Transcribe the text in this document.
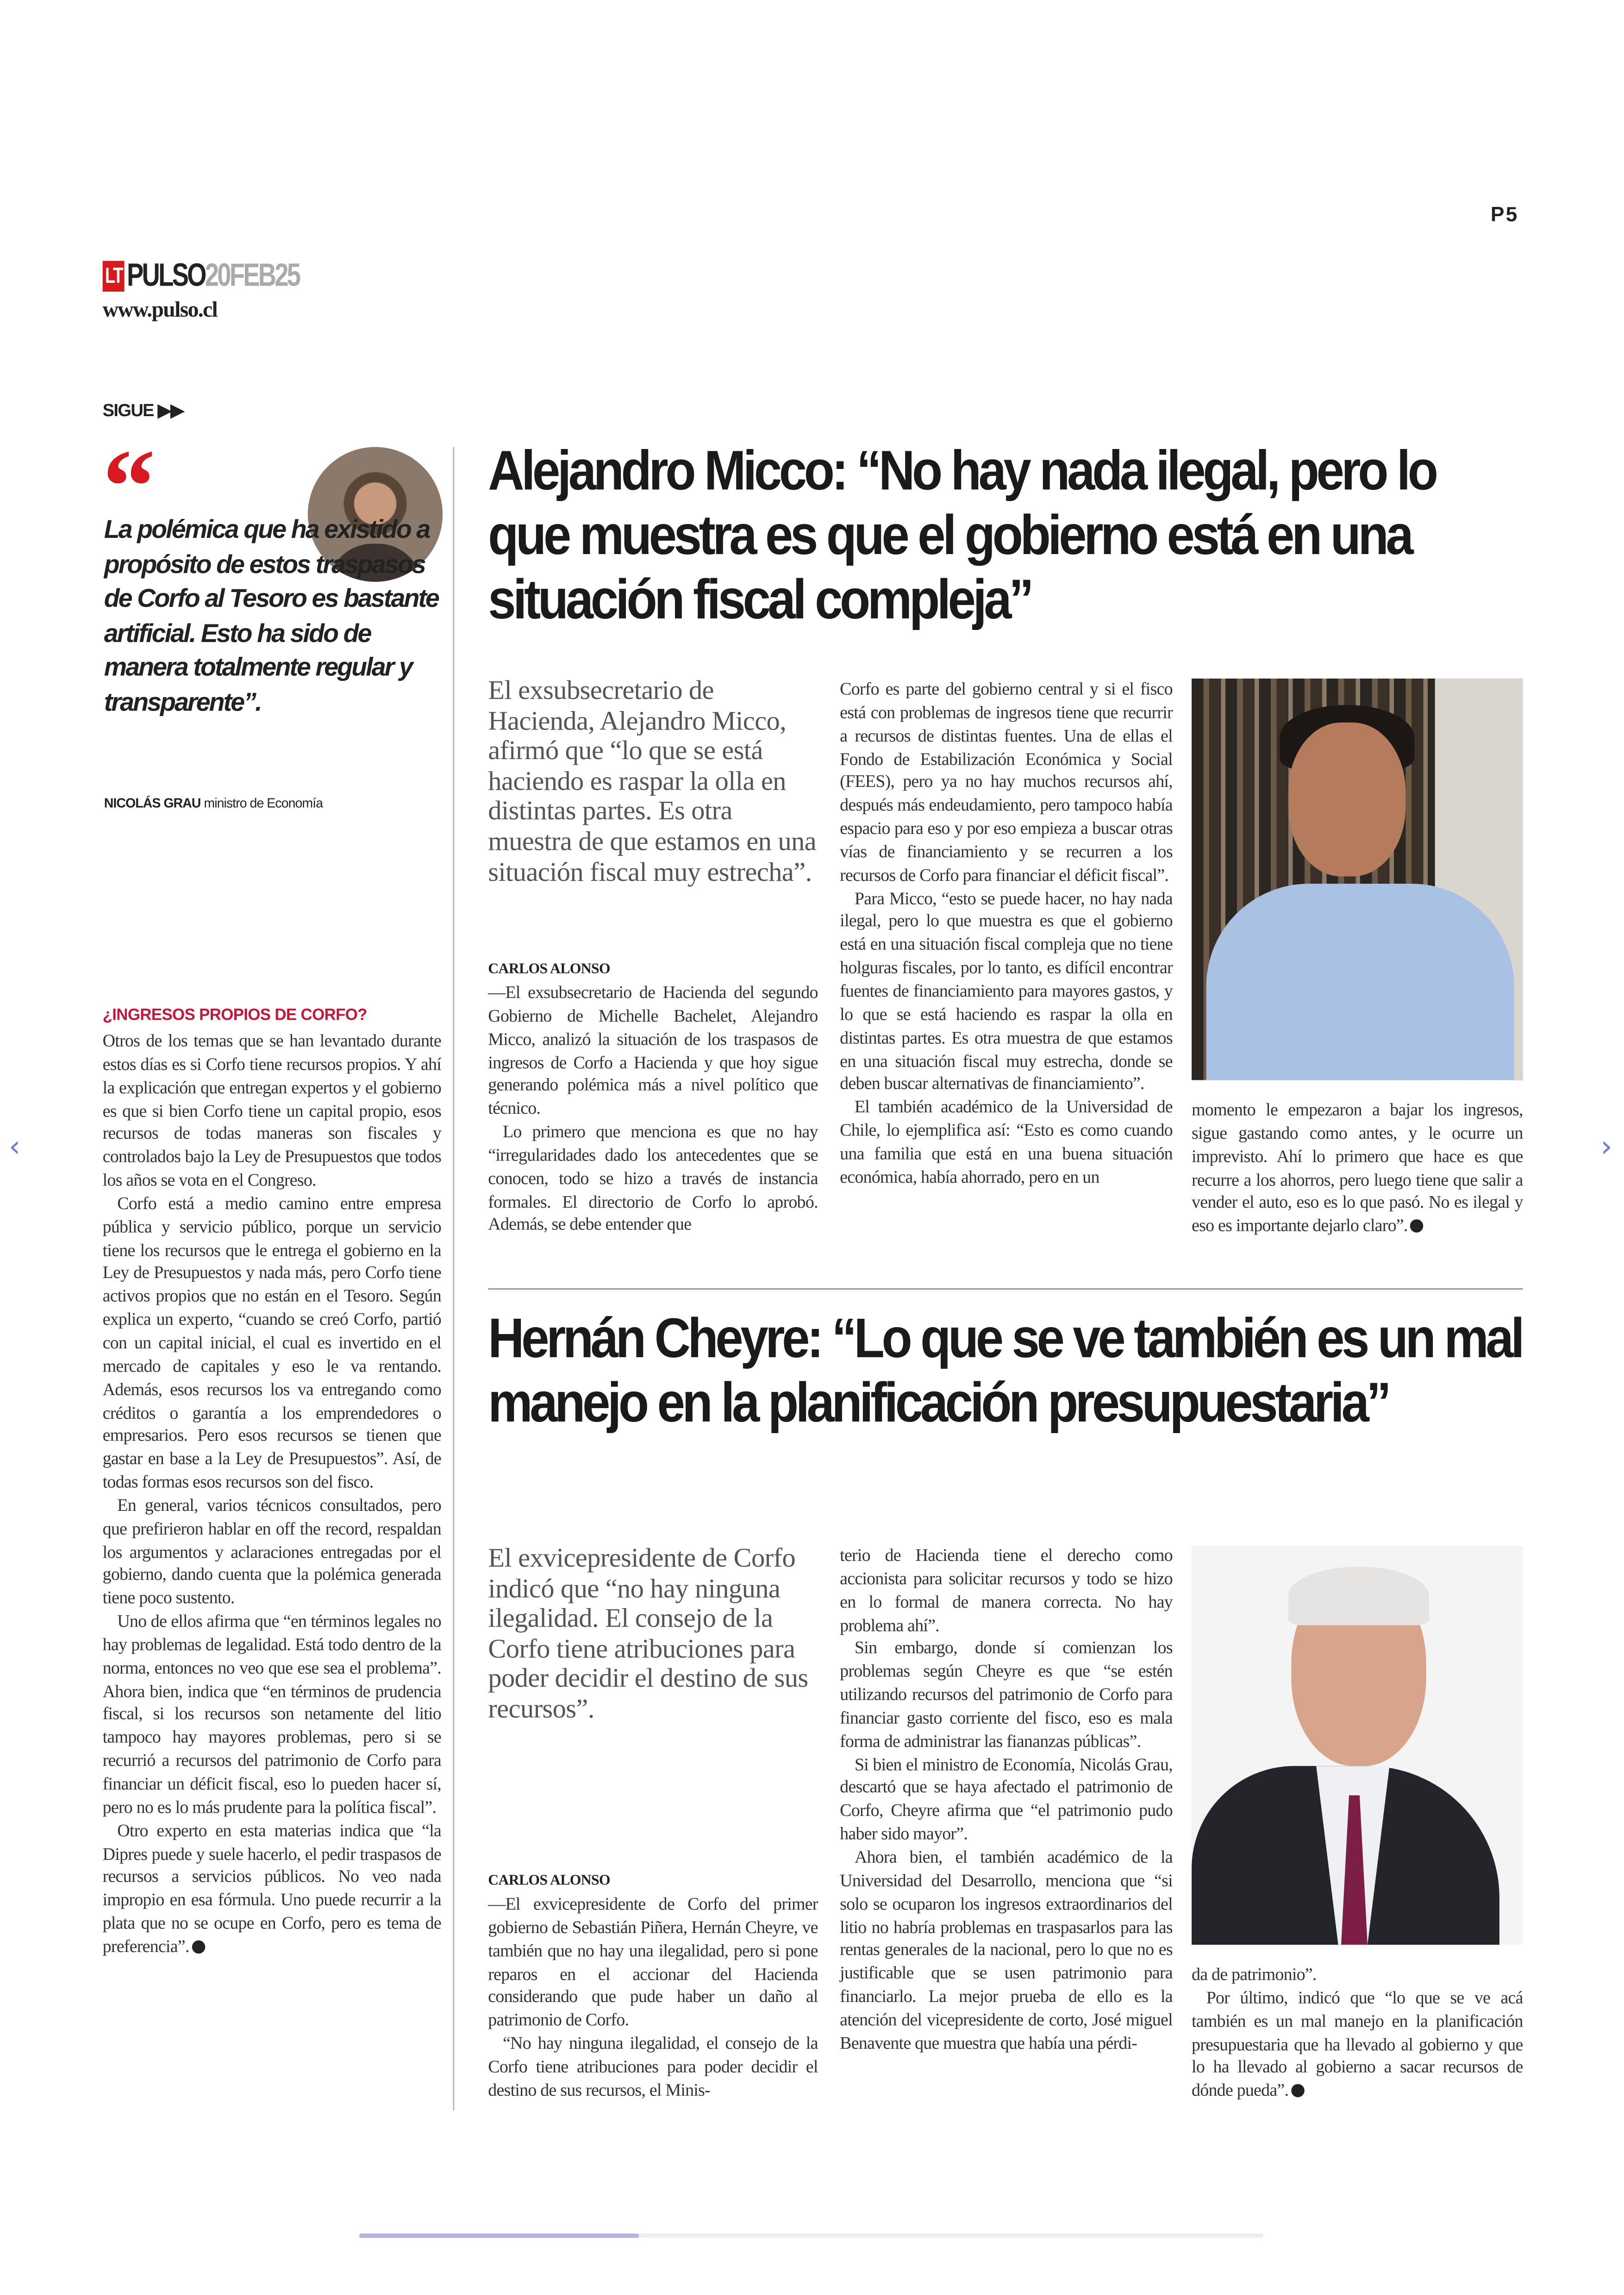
P5
LT PULSO 20FEB25
www.pulso.cl
SIGUE ▶▶
“
La polémica que ha existido a propósito de estos traspasos de Corfo al Tesoro es bastante artificial. Esto ha sido de manera totalmente regular y transparente”.
NICOLÁS GRAU ministro de Economía
¿INGRESOS PROPIOS DE CORFO?

Otros de los temas que se han levantado durante estos días es si Corfo tiene recursos propios. Y ahí la explicación que entregan expertos y el gobierno es que si bien Corfo tiene un capital propio, esos recursos de todas maneras son fiscales y controlados bajo la Ley de Presupuestos que todos los años se vota en el Congreso.

Corfo está a medio camino entre empresa pública y servicio público, porque un servicio tiene los recursos que le entrega el gobierno en la Ley de Presupuestos y nada más, pero Corfo tiene activos propios que no están en el Tesoro. Según explica un experto, “cuando se creó Corfo, partió con un capital inicial, el cual es invertido en el mercado de capitales y eso le va rentando. Además, esos recursos los va entregando como créditos o garantía a los emprendedores o empresarios. Pero esos recursos se tienen que gastar en base a la Ley de Presupuestos”. Así, de todas formas esos recursos son del fisco.

En general, varios técnicos consultados, pero que prefirieron hablar en off the record, respaldan los argumentos y aclaraciones entregadas por el gobierno, dando cuenta que la polémica generada tiene poco sustento.

Uno de ellos afirma que “en términos legales no hay problemas de legalidad. Está todo dentro de la norma, entonces no veo que ese sea el problema”. Ahora bien, indica que “en términos de prudencia fiscal, si los recursos son netamente del litio tampoco hay mayores problemas, pero si se recurrió a recursos del patrimonio de Corfo para financiar un déficit fiscal, eso lo pueden hacer sí, pero no es lo más prudente para la política fiscal”.

Otro experto en esta materias indica que “la Dipres puede y suele hacerlo, el pedir traspasos de recursos a servicios públicos. No veo nada impropio en esa fórmula. Uno puede recurrir a la plata que no se ocupe en Corfo, pero es tema de preferencia”.

Alejandro Micco: “No hay nada ilegal, pero lo que muestra es que el gobierno está en una situación fiscal compleja”
El exsubsecretario de Hacienda, Alejandro Micco, afirmó que “lo que se está haciendo es raspar la olla en distintas partes. Es otra muestra de que estamos en una situación fiscal muy estrecha”.
CARLOS ALONSO

—El exsubsecretario de Hacienda del segundo Gobierno de Michelle Bachelet, Alejandro Micco, analizó la situación de los traspasos de ingresos de Corfo a Hacienda y que hoy sigue generando polémica más a nivel político que técnico.

Lo primero que menciona es que no hay “irregularidades dado los antecedentes que se conocen, todo se hizo a través de instancia formales. El directorio de Corfo lo aprobó. Además, se debe entender que

Corfo es parte del gobierno central y si el fisco está con problemas de ingresos tiene que recurrir a recursos de distintas fuentes. Una de ellas el Fondo de Estabilización Económica y Social (FEES), pero ya no hay muchos recursos ahí, después más endeudamiento, pero tampoco había espacio para eso y por eso empieza a buscar otras vías de financiamiento y se recurren a los recursos de Corfo para financiar el déficit fiscal”.

Para Micco, “esto se puede hacer, no hay nada ilegal, pero lo que muestra es que el gobierno está en una situación fiscal compleja que no tiene holguras fiscales, por lo tanto, es difícil encontrar fuentes de financiamiento para mayores gastos, y lo que se está haciendo es raspar la olla en distintas partes. Es otra muestra de que estamos en una situación fiscal muy estrecha, donde se deben buscar alternativas de financiamiento”.

El también académico de la Universidad de Chile, lo ejemplifica así: “Esto es como cuando una familia que está en una buena situación económica, había ahorrado, pero en un

momento le empezaron a bajar los ingresos, sigue gastando como antes, y le ocurre un imprevisto. Ahí lo primero que hace es que recurre a los ahorros, pero luego tiene que salir a vender el auto, eso es lo que pasó. No es ilegal y eso es importante dejarlo claro”.

Hernán Cheyre: “Lo que se ve también es un mal manejo en la planificación presupuestaria”
El exvicepresidente de Corfo indicó que “no hay ninguna ilegalidad. El consejo de la Corfo tiene atribuciones para poder decidir el destino de sus recursos”.
CARLOS ALONSO

—El exvicepresidente de Corfo del primer gobierno de Sebastián Piñera, Hernán Cheyre, ve también que no hay una ilegalidad, pero si pone reparos en el accionar del Hacienda considerando que pude haber un daño al patrimonio de Corfo.

“No hay ninguna ilegalidad, el consejo de la Corfo tiene atribuciones para poder decidir el destino de sus recursos, el Minis-

terio de Hacienda tiene el derecho como accionista para solicitar recursos y todo se hizo en lo formal de manera correcta. No hay problema ahí”.

Sin embargo, donde sí comienzan los problemas según Cheyre es que “se estén utilizando recursos del patrimonio de Corfo para financiar gasto corriente del fisco, eso es mala forma de administrar las fiananzas públicas”.

Si bien el ministro de Economía, Nicolás Grau, descartó que se haya afectado el patrimonio de Corfo, Cheyre afirma que “el patrimonio pudo haber sido mayor”.

Ahora bien, el también académico de la Universidad del Desarrollo, menciona que “si solo se ocuparon los ingresos extraordinarios del litio no habría problemas en traspasarlos para las rentas generales de la nacional, pero lo que no es justificable que se usen patrimonio para financiarlo. La mejor prueba de ello es la atención del vicepresidente de corto, José miguel Benavente que muestra que había una pérdi-

da de patrimonio”.

Por último, indicó que “lo que se ve acá también es un mal manejo en la planificación presupuestaria que ha llevado al gobierno y que lo ha llevado al gobierno a sacar recursos de dónde pueda”.

‹	›
